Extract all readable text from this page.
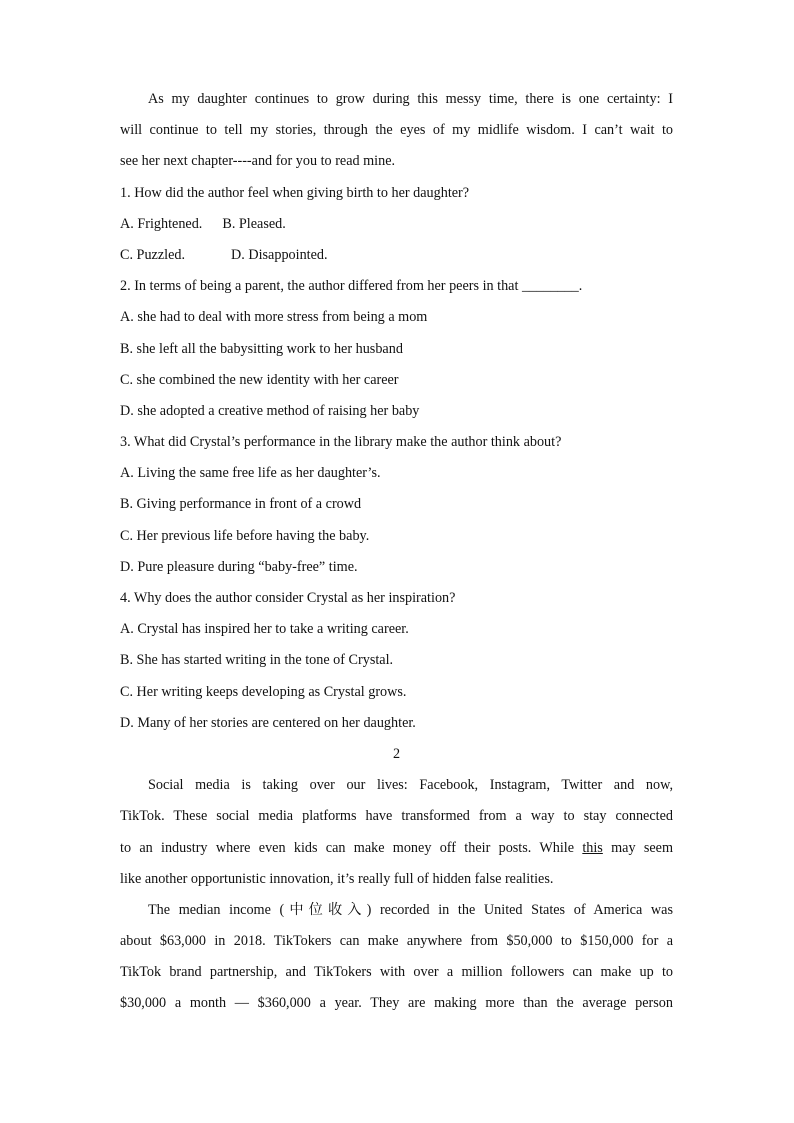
As my daughter continues to grow during this messy time, there is one certainty: I
will continue to tell my stories, through the eyes of my midlife wisdom. I can’t wait to
see her next chapter----and for you to read mine.
1. How did the author feel when giving birth to her daughter?
A. Frightened. B. Pleased.
C. Puzzled.	D. Disappointed.
2. In terms of being a parent, the author differed from her peers in that ________.
A. she had to deal with more stress from being a mom
B. she left all the babysitting work to her husband
C. she combined the new identity with her career
D. she adopted a creative method of raising her baby
3. What did Crystal’s performance in the library make the author think about?
A. Living the same free life as her daughter’s.
B. Giving performance in front of a crowd
C. Her previous life before having the baby.
D. Pure pleasure during “baby-free” time.
4. Why does the author consider Crystal as her inspiration?
A. Crystal has inspired her to take a writing career.
B. She has started writing in the tone of Crystal.
C. Her writing keeps developing as Crystal grows.
D. Many of her stories are centered on her daughter.
2
Social media is taking over our lives: Facebook, Instagram, Twitter and now,
TikTok. These social media platforms have transformed from a way to stay connected
to an industry where even kids can make money off their posts. While this may seem
like another opportunistic innovation, it’s really full of hidden false realities.
The median income (中位收入) recorded in the United States of America was
about $63,000 in 2018. TikTokers can make anywhere from $50,000 to $150,000 for a
TikTok brand partnership, and TikTokers with over a million followers can make up to
$30,000 a month — $360,000 a year. They are making more than the average person
